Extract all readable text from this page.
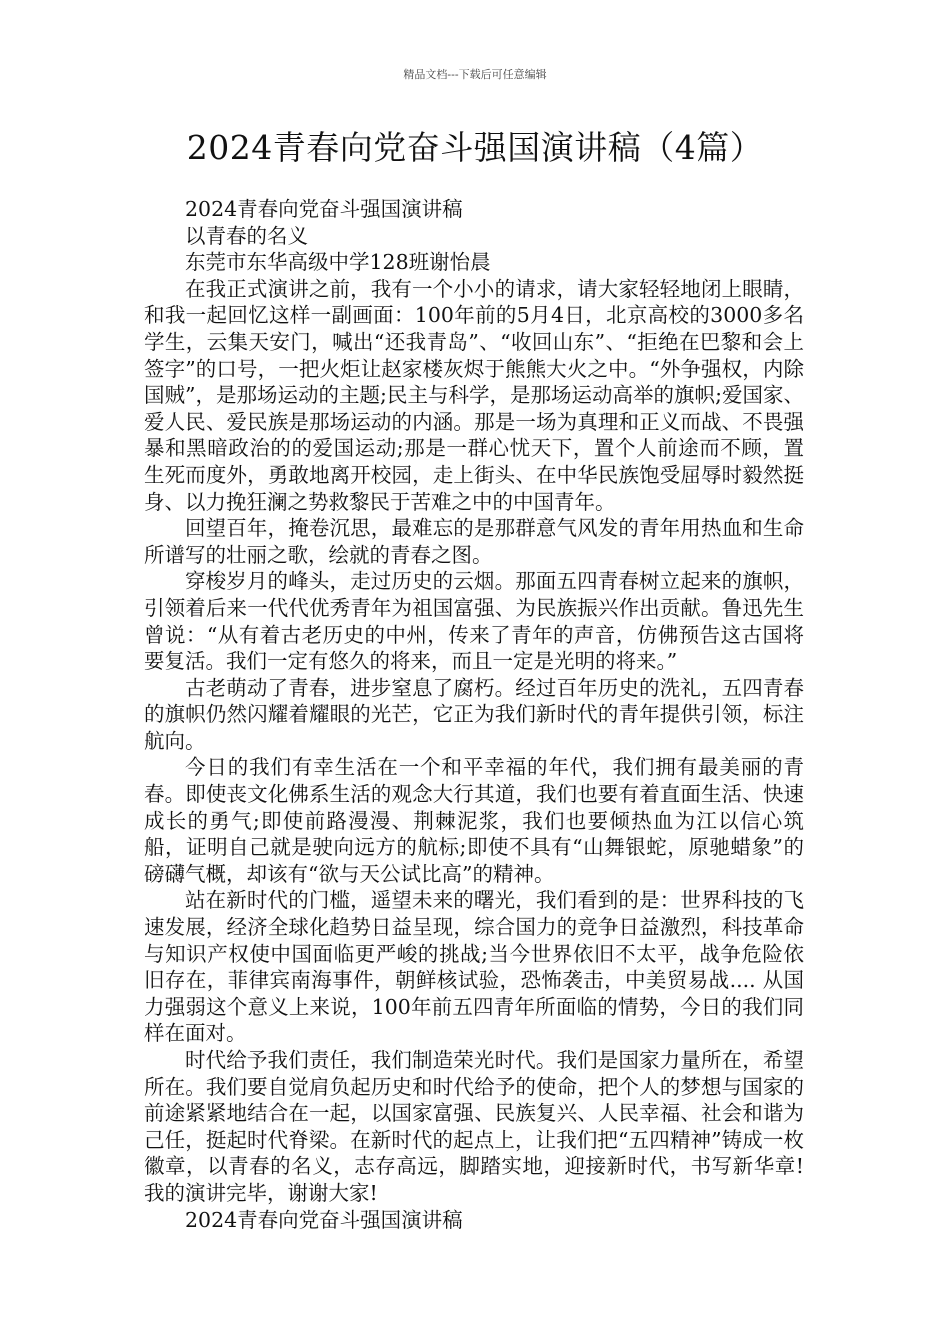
精品文档---下载后可任意编辑
2024青春向党奋斗强国演讲稿（4篇）

2024青春向党奋斗强国演讲稿

以青春的名义

东莞市东华高级中学128班谢怡晨

在我正式演讲之前，我有一个小小的请求，请大家轻轻地闭上眼睛，和我一起回忆这样一副画面：100年前的5月4日，北京高校的3000多名学生，云集天安门，喊出“还我青岛”、“收回山东”、“拒绝在巴黎和会上签字”的口号，一把火炬让赵家楼灰烬于熊熊大火之中。“外争强权，内除国贼”，是那场运动的主题;民主与科学，是那场运动高举的旗帜;爱国家、爱人民、爱民族是那场运动的内涵。那是一场为真理和正义而战、不畏强暴和黑暗政治的的爱国运动;那是一群心忧天下，置个人前途而不顾，置生死而度外，勇敢地离开校园，走上街头、在中华民族饱受屈辱时毅然挺身、以力挽狂澜之势救黎民于苦难之中的中国青年。

回望百年，掩卷沉思，最难忘的是那群意气风发的青年用热血和生命所谱写的壮丽之歌，绘就的青春之图。

穿梭岁月的峰头，走过历史的云烟。那面五四青春树立起来的旗帜，引领着后来一代代优秀青年为祖国富强、为民族振兴作出贡献。鲁迅先生曾说：“从有着古老历史的中州，传来了青年的声音，仿佛预告这古国将要复活。我们一定有悠久的将来，而且一定是光明的将来。”

古老萌动了青春，进步窒息了腐朽。经过百年历史的洗礼，五四青春的旗帜仍然闪耀着耀眼的光芒，它正为我们新时代的青年提供引领，标注航向。

今日的我们有幸生活在一个和平幸福的年代，我们拥有最美丽的青春。即使丧文化佛系生活的观念大行其道，我们也要有着直面生活、快速成长的勇气;即使前路漫漫、荆棘泥浆，我们也要倾热血为江以信心筑船，证明自己就是驶向远方的航标;即使不具有“山舞银蛇，原驰蜡象”的磅礴气概，却该有“欲与天公试比高”的精神。

站在新时代的门槛，遥望未来的曙光，我们看到的是：世界科技的飞速发展，经济全球化趋势日益呈现，综合国力的竞争日益激烈，科技革命与知识产权使中国面临更严峻的挑战;当今世界依旧不太平，战争危险依旧存在，菲律宾南海事件，朝鲜核试验，恐怖袭击，中美贸易战.... 从国力强弱这个意义上来说，100年前五四青年所面临的情势，今日的我们同样在面对。

时代给予我们责任，我们制造荣光时代。我们是国家力量所在，希望所在。我们要自觉肩负起历史和时代给予的使命，把个人的梦想与国家的前途紧紧地结合在一起，以国家富强、民族复兴、人民幸福、社会和谐为己任，挺起时代脊梁。在新时代的起点上，让我们把“五四精神”铸成一枚徽章，以青春的名义，志存高远，脚踏实地，迎接新时代，书写新华章!我的演讲完毕，谢谢大家!

2024青春向党奋斗强国演讲稿
